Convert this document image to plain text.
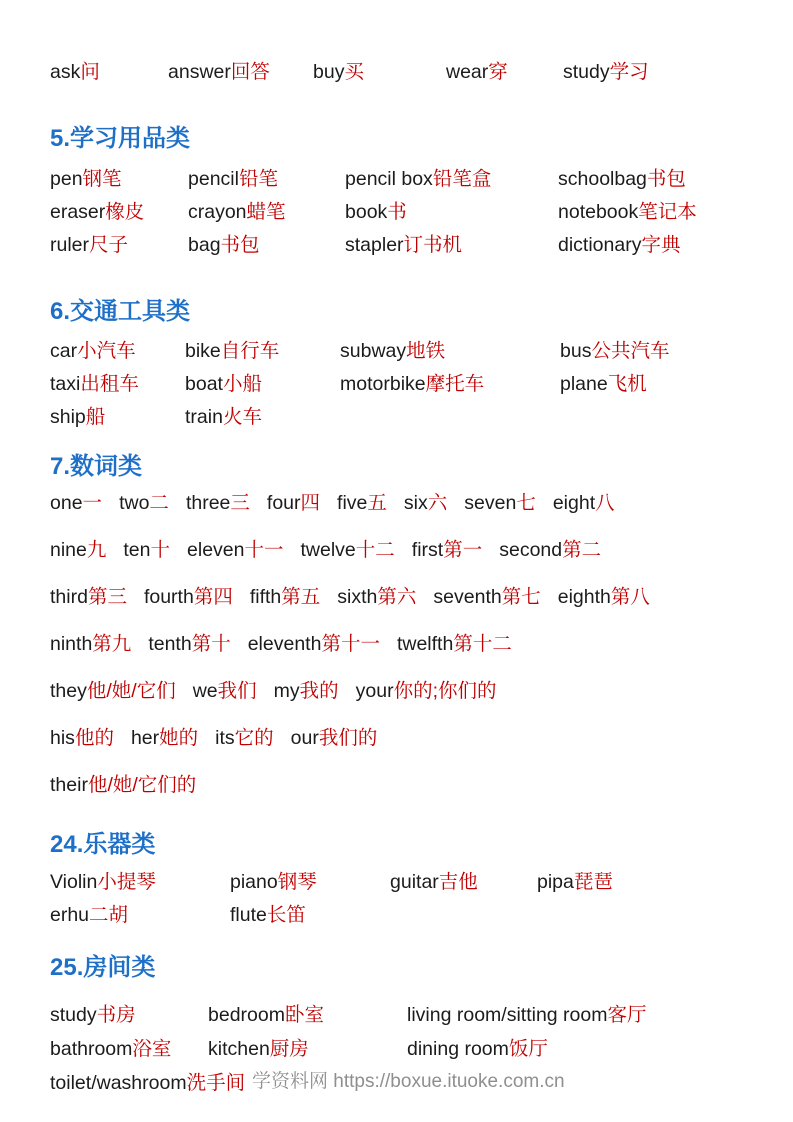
ask问	answer回答	buy买	wear穿	study学习
5.学习用品类
pen钢笔	pencil铅笔	pencil box铅笔盒	schoolbag书包
eraser橡皮	crayon蜡笔	book书	notebook笔记本
ruler尺子	bag书包	stapler订书机	dictionary字典
6.交通工具类
car小汽车	bike自行车	subway地铁	bus公共汽车
taxi出租车	boat小船	motorbike摩托车	plane飞机
ship船	train火车
7.数词类
one一 two二 three三 four四 five五 six六 seven七 eight八
nine九 ten十 eleven十一 twelve十二 first第一 second第二
third第三 fourth第四 fifth第五 sixth第六 seventh第七 eighth第八
ninth第九 tenth第十 eleventh第十一 twelfth第十二
they他/她/它们 we我们 my我的 your你的;你们的
his他的 her她的 its它的 our我们的
their他/她/它们的
24.乐器类
Violin小提琴	piano钢琴	guitar吉他	pipa琵琶
erhu二胡	flute长笛
25.房间类
study书房	bedroom卧室	living room/sitting room客厅
bathroom浴室	kitchen厨房	dining room饭厅
toilet/washroom洗手间 学资料网 https://boxue.ituoke.com.cn
